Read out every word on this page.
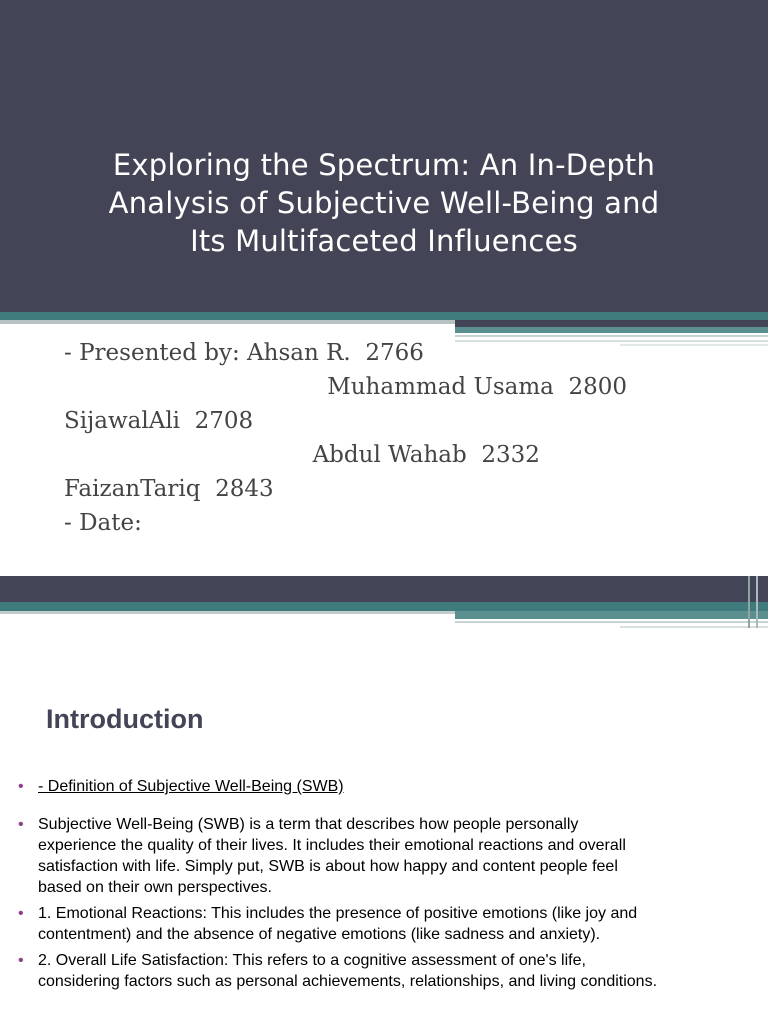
Exploring the Spectrum: An In-Depth
Analysis of Subjective Well-Being and
Its Multifaceted Influences
- Presented by: Ahsan R.  2766
Muhammad Usama  2800
SijawalAli  2708
Abdul Wahab  2332
FaizanTariq  2843
- Date:
Introduction
• - Definition of Subjective Well-Being (SWB)
• Subjective Well-Being (SWB) is a term that describes how people personally experience the quality of their lives. It includes their emotional reactions and overall satisfaction with life. Simply put, SWB is about how happy and content people feel based on their own perspectives.
• 1. Emotional Reactions: This includes the presence of positive emotions (like joy and contentment) and the absence of negative emotions (like sadness and anxiety).
• 2. Overall Life Satisfaction: This refers to a cognitive assessment of one's life, considering factors such as personal achievements, relationships, and living conditions.
